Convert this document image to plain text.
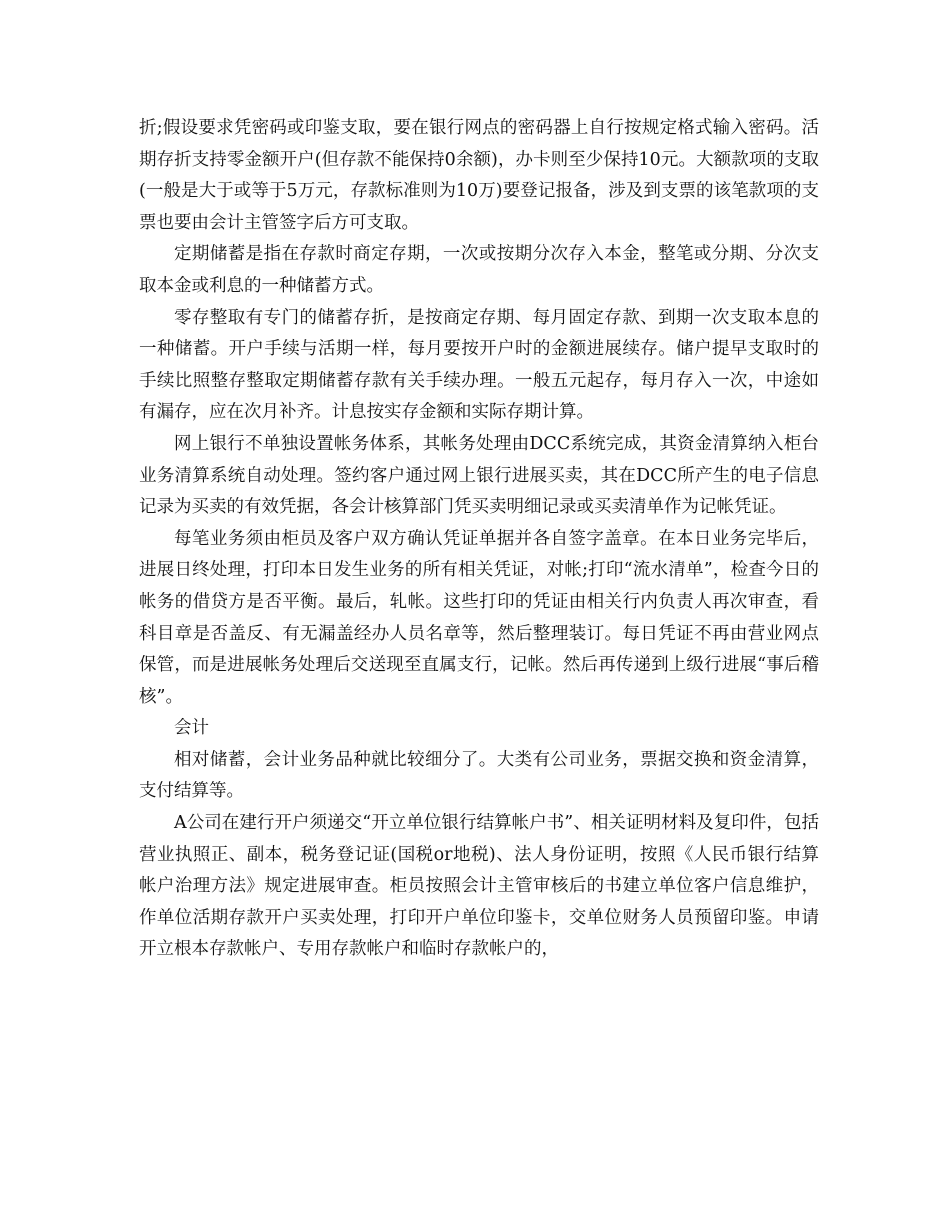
折;假设要求凭密码或印鉴支取，要在银行网点的密码器上自行按规定格式输入密码。活期存折支持零金额开户(但存款不能保持0余额)，办卡则至少保持10元。大额款项的支取(一般是大于或等于5万元，存款标准则为10万)要登记报备，涉及到支票的该笔款项的支票也要由会计主管签字后方可支取。

定期储蓄是指在存款时商定存期，一次或按期分次存入本金，整笔或分期、分次支取本金或利息的一种储蓄方式。

零存整取有专门的储蓄存折，是按商定存期、每月固定存款、到期一次支取本息的一种储蓄。开户手续与活期一样，每月要按开户时的金额进展续存。储户提早支取时的手续比照整存整取定期储蓄存款有关手续办理。一般五元起存，每月存入一次，中途如有漏存，应在次月补齐。计息按实存金额和实际存期计算。

网上银行不单独设置帐务体系，其帐务处理由DCC系统完成，其资金清算纳入柜台业务清算系统自动处理。签约客户通过网上银行进展买卖，其在DCC所产生的电子信息记录为买卖的有效凭据，各会计核算部门凭买卖明细记录或买卖清单作为记帐凭证。

每笔业务须由柜员及客户双方确认凭证单据并各自签字盖章。在本日业务完毕后，进展日终处理，打印本日发生业务的所有相关凭证，对帐;打印“流水清单”，检查今日的帐务的借贷方是否平衡。最后，轧帐。这些打印的凭证由相关行内负责人再次审查，看科目章是否盖反、有无漏盖经办人员名章等，然后整理装订。每日凭证不再由营业网点保管，而是进展帐务处理后交送现至直属支行，记帐。然后再传递到上级行进展“事后稽核”。

会计

相对储蓄，会计业务品种就比较细分了。大类有公司业务，票据交换和资金清算，支付结算等。

A公司在建行开户须递交“开立单位银行结算帐户书”、相关证明材料及复印件，包括营业执照正、副本，税务登记证(国税or地税)、法人身份证明，按照《人民币银行结算帐户治理方法》规定进展审查。柜员按照会计主管审核后的书建立单位客户信息维护，作单位活期存款开户买卖处理，打印开户单位印鉴卡，交单位财务人员预留印鉴。申请开立根本存款帐户、专用存款帐户和临时存款帐户的，
